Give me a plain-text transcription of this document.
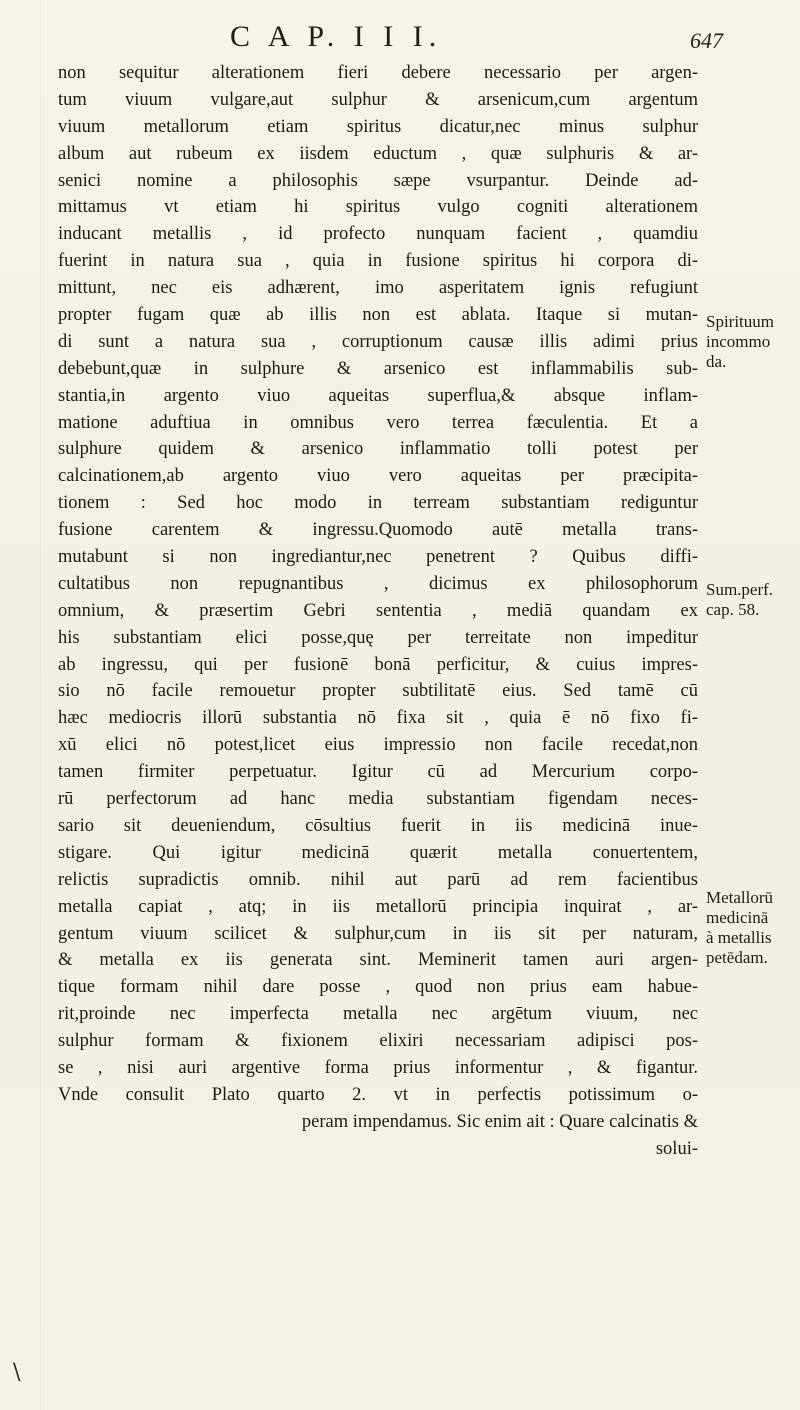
C A P. I I I.	647
non sequitur alterationem fieri debere necessario per argen-
tum viuum vulgare,aut sulphur & arsenicum,cum argentum
viuum metallorum etiam spiritus dicatur,nec minus sulphur
album aut rubeum ex iisdem eductum , quæ sulphuris & ar-
senici nomine a philosophis sæpe vsurpantur. Deinde ad-
mittamus vt etiam hi spiritus vulgo cogniti alterationem
inducant metallis , id profecto nunquam facient , quamdiu
fuerint in natura sua , quia in fusione spiritus hi corpora di-
mittunt, nec eis adhærent, imo asperitatem ignis refugiunt
propter fugam quæ ab illis non est ablata. Itaque si mutan-
di sunt a natura sua , corruptionum causæ illis adimi prius
debebunt,quæ in sulphure & arsenico est inflammabilis sub-
stantia,in argento viuo aqueitas superflua,& absque inflam-
matione aduftiua in omnibus vero terrea fæculentia. Et a
sulphure quidem & arsenico inflammatio tolli potest per
calcinationem,ab argento viuo vero aqueitas per præcipita-
tionem : Sed hoc modo in terream substantiam rediguntur
fusione carentem & ingressu.Quomodo autē metalla trans-
mutabunt si non ingrediantur,nec penetrent ? Quibus diffi-
cultatibus non repugnantibus , dicimus ex philosophorum
omnium, & præsertim Gebri sententia , mediā quandam ex
his substantiam elici posse,quę per terreitate non impeditur
ab ingressu, qui per fusionē bonā perficitur, & cuius impres-
sio nō facile remouetur propter subtilitatē eius. Sed tamē cū
hæc mediocris illorū substantia nō fixa sit , quia ē nō fixo fi-
xū elici nō potest,licet eius impressio non facile recedat,non
tamen firmiter perpetuatur. Igitur cū ad Mercurium corpo-
rū perfectorum ad hanc media substantiam figendam neces-
sario sit deueniendum, cōsultius fuerit in iis medicinā inue-
stigare. Qui igitur medicinā quærit metalla conuertentem,
relictis supradictis omnib. nihil aut parū ad rem facientibus
metalla capiat , atq; in iis metallorū principia inquirat , ar-
gentum viuum scilicet & sulphur,cum in iis sit per naturam,
& metalla ex iis generata sint. Meminerit tamen auri argen-
tique formam nihil dare posse , quod non prius eam habue-
rit,proinde nec imperfecta metalla nec argētum viuum, nec
sulphur formam & fixionem elixiri necessariam adipisci pos-
se , nisi auri argentive forma prius informentur , & figantur.
Vnde consulit Plato quarto 2. vt in perfectis potissimum o-
peram impendamus. Sic enim ait : Quare calcinatis &
solui-
Spirituum
incommo
da.
Sum.perf.
cap. 58.
Metallorū
medicinā
à metallis
petēdam.
\
